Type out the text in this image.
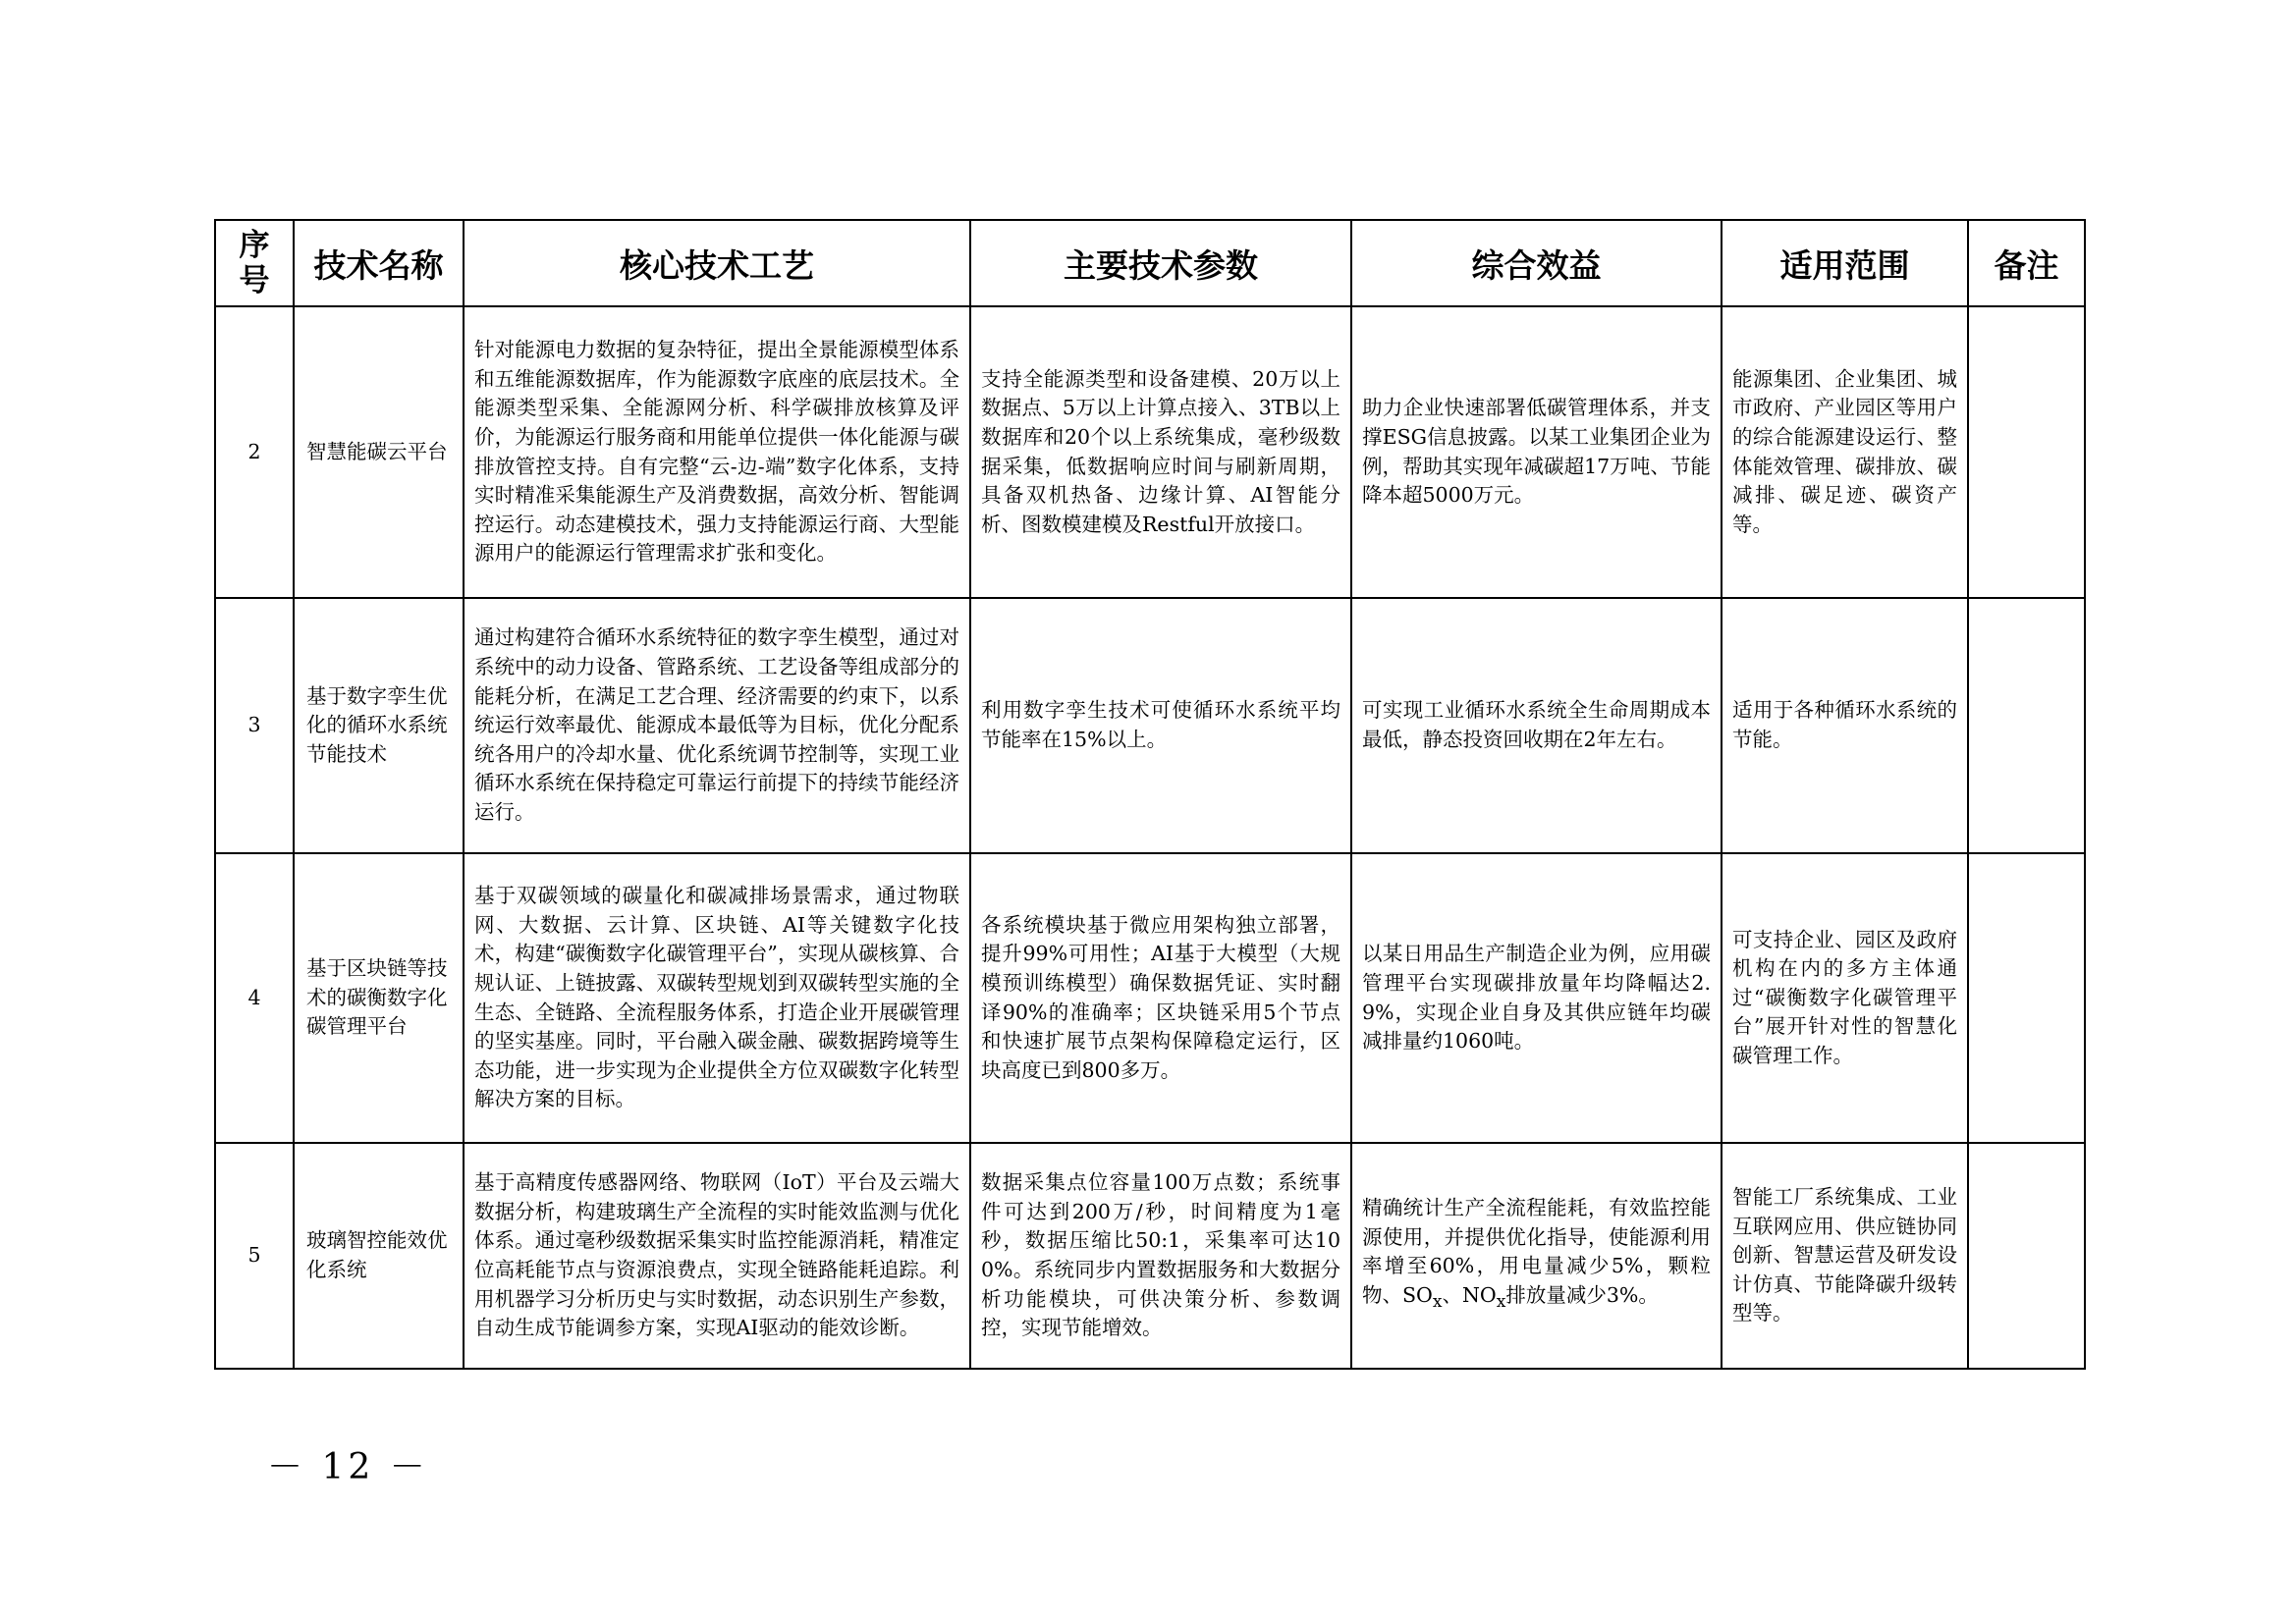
序
号	技术名称	核心技术工艺	主要技术参数	综合效益	适用范围	备注
2	智慧能碳云平台	针对能源电力数据的复杂特征，提出全景能源模型体系和五维能源数据库，作为能源数字底座的底层技术。全能源类型采集、全能源网分析、科学碳排放核算及评价，为能源运行服务商和用能单位提供一体化能源与碳排放管控支持。自有完整“云-边-端”数字化体系，支持实时精准采集能源生产及消费数据，高效分析、智能调控运行。动态建模技术，强力支持能源运行商、大型能源用户的能源运行管理需求扩张和变化。	支持全能源类型和设备建模、20万以上数据点、5万以上计算点接入、3TB以上数据库和20个以上系统集成，毫秒级数据采集，低数据响应时间与刷新周期，具备双机热备、边缘计算、AI智能分析、图数模建模及Restful开放接口。	助力企业快速部署低碳管理体系，并支撑ESG信息披露。以某工业集团企业为例，帮助其实现年减碳超17万吨、节能降本超5000万元。	能源集团、企业集团、城市政府、产业园区等用户的综合能源建设运行、整体能效管理、碳排放、碳减排、碳足迹、碳资产等。	
3	基于数字孪生优化的循环水系统节能技术	通过构建符合循环水系统特征的数字孪生模型，通过对系统中的动力设备、管路系统、工艺设备等组成部分的能耗分析，在满足工艺合理、经济需要的约束下，以系统运行效率最优、能源成本最低等为目标，优化分配系统各用户的冷却水量、优化系统调节控制等，实现工业循环水系统在保持稳定可靠运行前提下的持续节能经济运行。	利用数字孪生技术可使循环水系统平均节能率在15%以上。	可实现工业循环水系统全生命周期成本最低，静态投资回收期在2年左右。	适用于各种循环水系统的节能。	
4	基于区块链等技术的碳衡数字化碳管理平台	基于双碳领域的碳量化和碳减排场景需求，通过物联网、大数据、云计算、区块链、AI等关键数字化技术，构建“碳衡数字化碳管理平台”，实现从碳核算、合规认证、上链披露、双碳转型规划到双碳转型实施的全生态、全链路、全流程服务体系，打造企业开展碳管理的坚实基座。同时，平台融入碳金融、碳数据跨境等生态功能，进一步实现为企业提供全方位双碳数字化转型解决方案的目标。	各系统模块基于微应用架构独立部署，提升99%可用性；AI基于大模型（大规模预训练模型）确保数据凭证、实时翻译90%的准确率；区块链采用5个节点和快速扩展节点架构保障稳定运行，区块高度已到800多万。	以某日用品生产制造企业为例，应用碳管理平台实现碳排放量年均降幅达2.9%，实现企业自身及其供应链年均碳减排量约1060吨。	可支持企业、园区及政府机构在内的多方主体通过“碳衡数字化碳管理平台”展开针对性的智慧化碳管理工作。	
5	玻璃智控能效优化系统	基于高精度传感器网络、物联网（IoT）平台及云端大数据分析，构建玻璃生产全流程的实时能效监测与优化体系。通过毫秒级数据采集实时监控能源消耗，精准定位高耗能节点与资源浪费点，实现全链路能耗追踪。利用机器学习分析历史与实时数据，动态识别生产参数，自动生成节能调参方案，实现AI驱动的能效诊断。	数据采集点位容量100万点数；系统事件可达到200万/秒，时间精度为1毫秒，数据压缩比50:1，采集率可达100%。系统同步内置数据服务和大数据分析功能模块，可供决策分析、参数调控，实现节能增效。	精确统计生产全流程能耗，有效监控能源使用，并提供优化指导，使能源利用率增至60%，用电量减少5%，颗粒物、$SO_x$、$NO_x$排放量减少3%。	智能工厂系统集成、工业互联网应用、供应链协同创新、智慧运营及研发设计仿真、节能降碳升级转型等。	
－ 12 －
